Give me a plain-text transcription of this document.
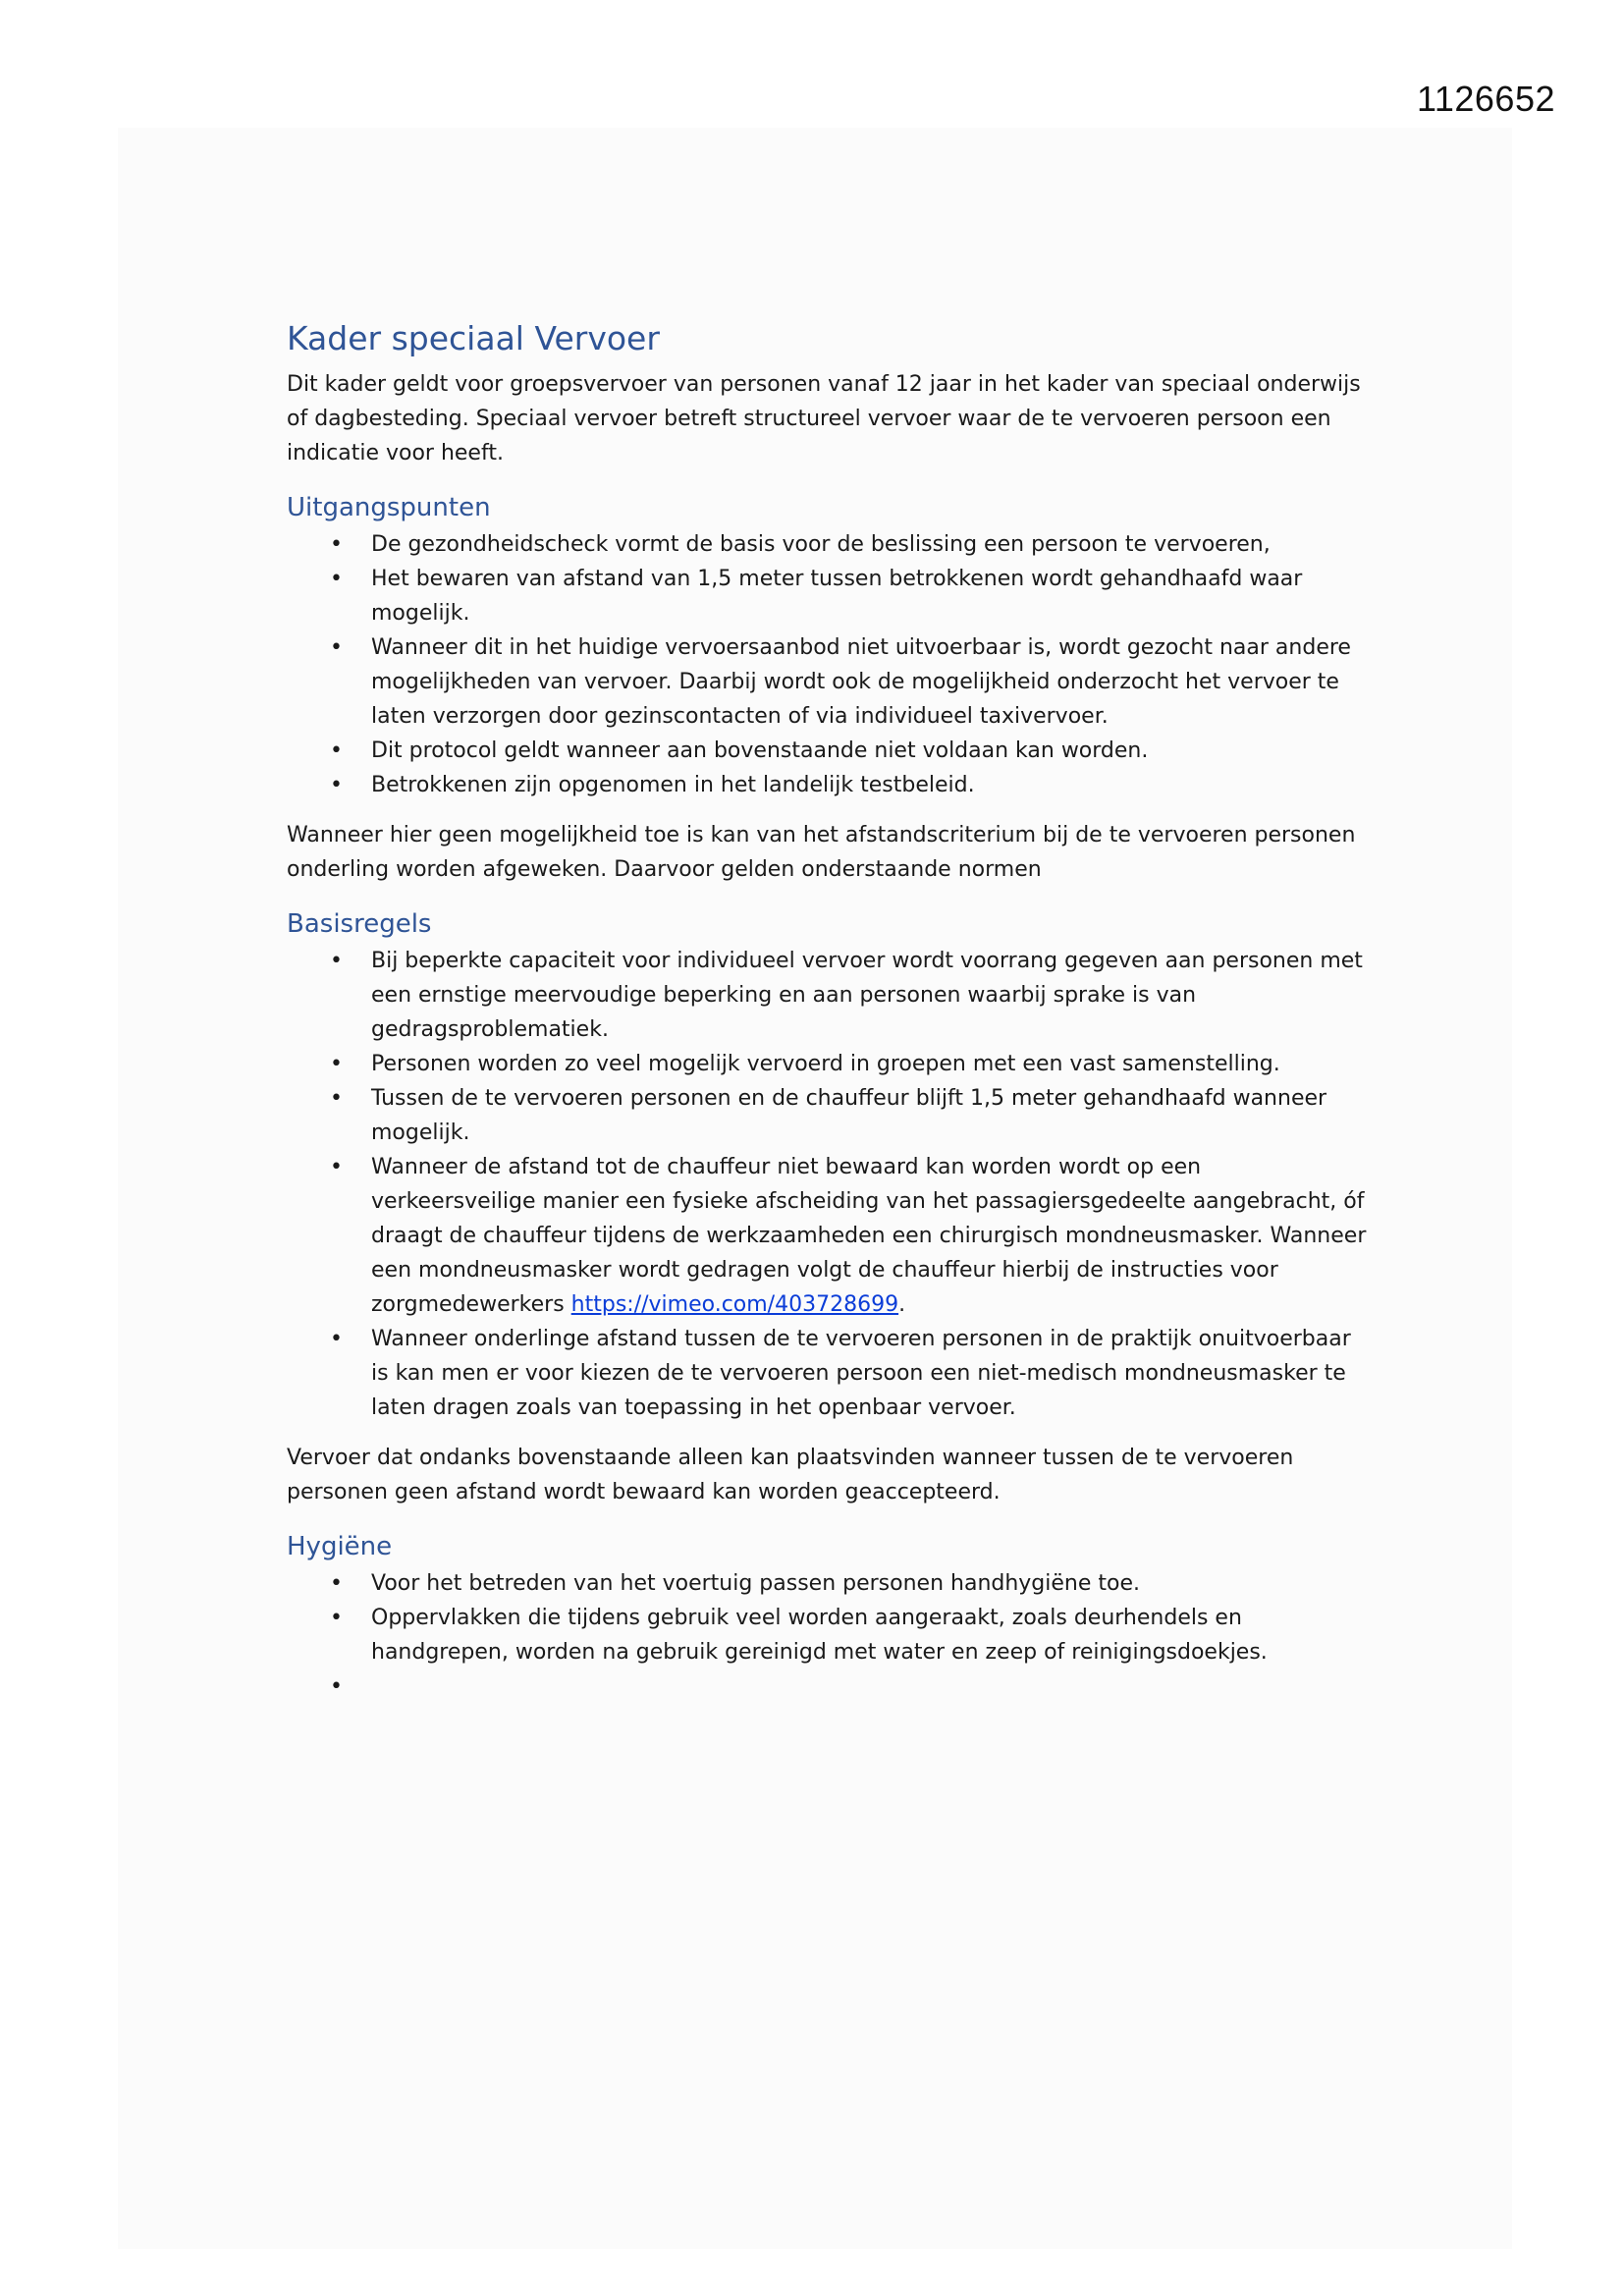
1126652
Kader speciaal Vervoer

Dit kader geldt voor groepsvervoer van personen vanaf 12 jaar in het kader van speciaal onderwijs of dagbesteding. Speciaal vervoer betreft structureel vervoer waar de te vervoeren persoon een indicatie voor heeft.

Uitgangspunten
• De gezondheidscheck vormt de basis voor de beslissing een persoon te vervoeren,
• Het bewaren van afstand van 1,5 meter tussen betrokkenen wordt gehandhaafd waar mogelijk.
• Wanneer dit in het huidige vervoersaanbod niet uitvoerbaar is, wordt gezocht naar andere mogelijkheden van vervoer. Daarbij wordt ook de mogelijkheid onderzocht het vervoer te laten verzorgen door gezinscontacten of via individueel taxivervoer.
• Dit protocol geldt wanneer aan bovenstaande niet voldaan kan worden.
• Betrokkenen zijn opgenomen in het landelijk testbeleid.

Wanneer hier geen mogelijkheid toe is kan van het afstandscriterium bij de te vervoeren personen onderling worden afgeweken. Daarvoor gelden onderstaande normen

Basisregels
• Bij beperkte capaciteit voor individueel vervoer wordt voorrang gegeven aan personen met een ernstige meervoudige beperking en aan personen waarbij sprake is van gedragsproblematiek.
• Personen worden zo veel mogelijk vervoerd in groepen met een vast samenstelling.
• Tussen de te vervoeren personen en de chauffeur blijft 1,5 meter gehandhaafd wanneer mogelijk.
• Wanneer de afstand tot de chauffeur niet bewaard kan worden wordt op een verkeersveilige manier een fysieke afscheiding van het passagiersgedeelte aangebracht, óf draagt de chauffeur tijdens de werkzaamheden een chirurgisch mondneusmasker. Wanneer een mondneusmasker wordt gedragen volgt de chauffeur hierbij de instructies voor zorgmedewerkers https://vimeo.com/403728699.
• Wanneer onderlinge afstand tussen de te vervoeren personen in de praktijk onuitvoerbaar is kan men er voor kiezen de te vervoeren persoon een niet-medisch mondneusmasker te laten dragen zoals van toepassing in het openbaar vervoer.

Vervoer dat ondanks bovenstaande alleen kan plaatsvinden wanneer tussen de te vervoeren personen geen afstand wordt bewaard kan worden geaccepteerd.

Hygiëne
• Voor het betreden van het voertuig passen personen handhygiëne toe.
• Oppervlakken die tijdens gebruik veel worden aangeraakt, zoals deurhendels en handgrepen, worden na gebruik gereinigd met water en zeep of reinigingsdoekjes.
•
